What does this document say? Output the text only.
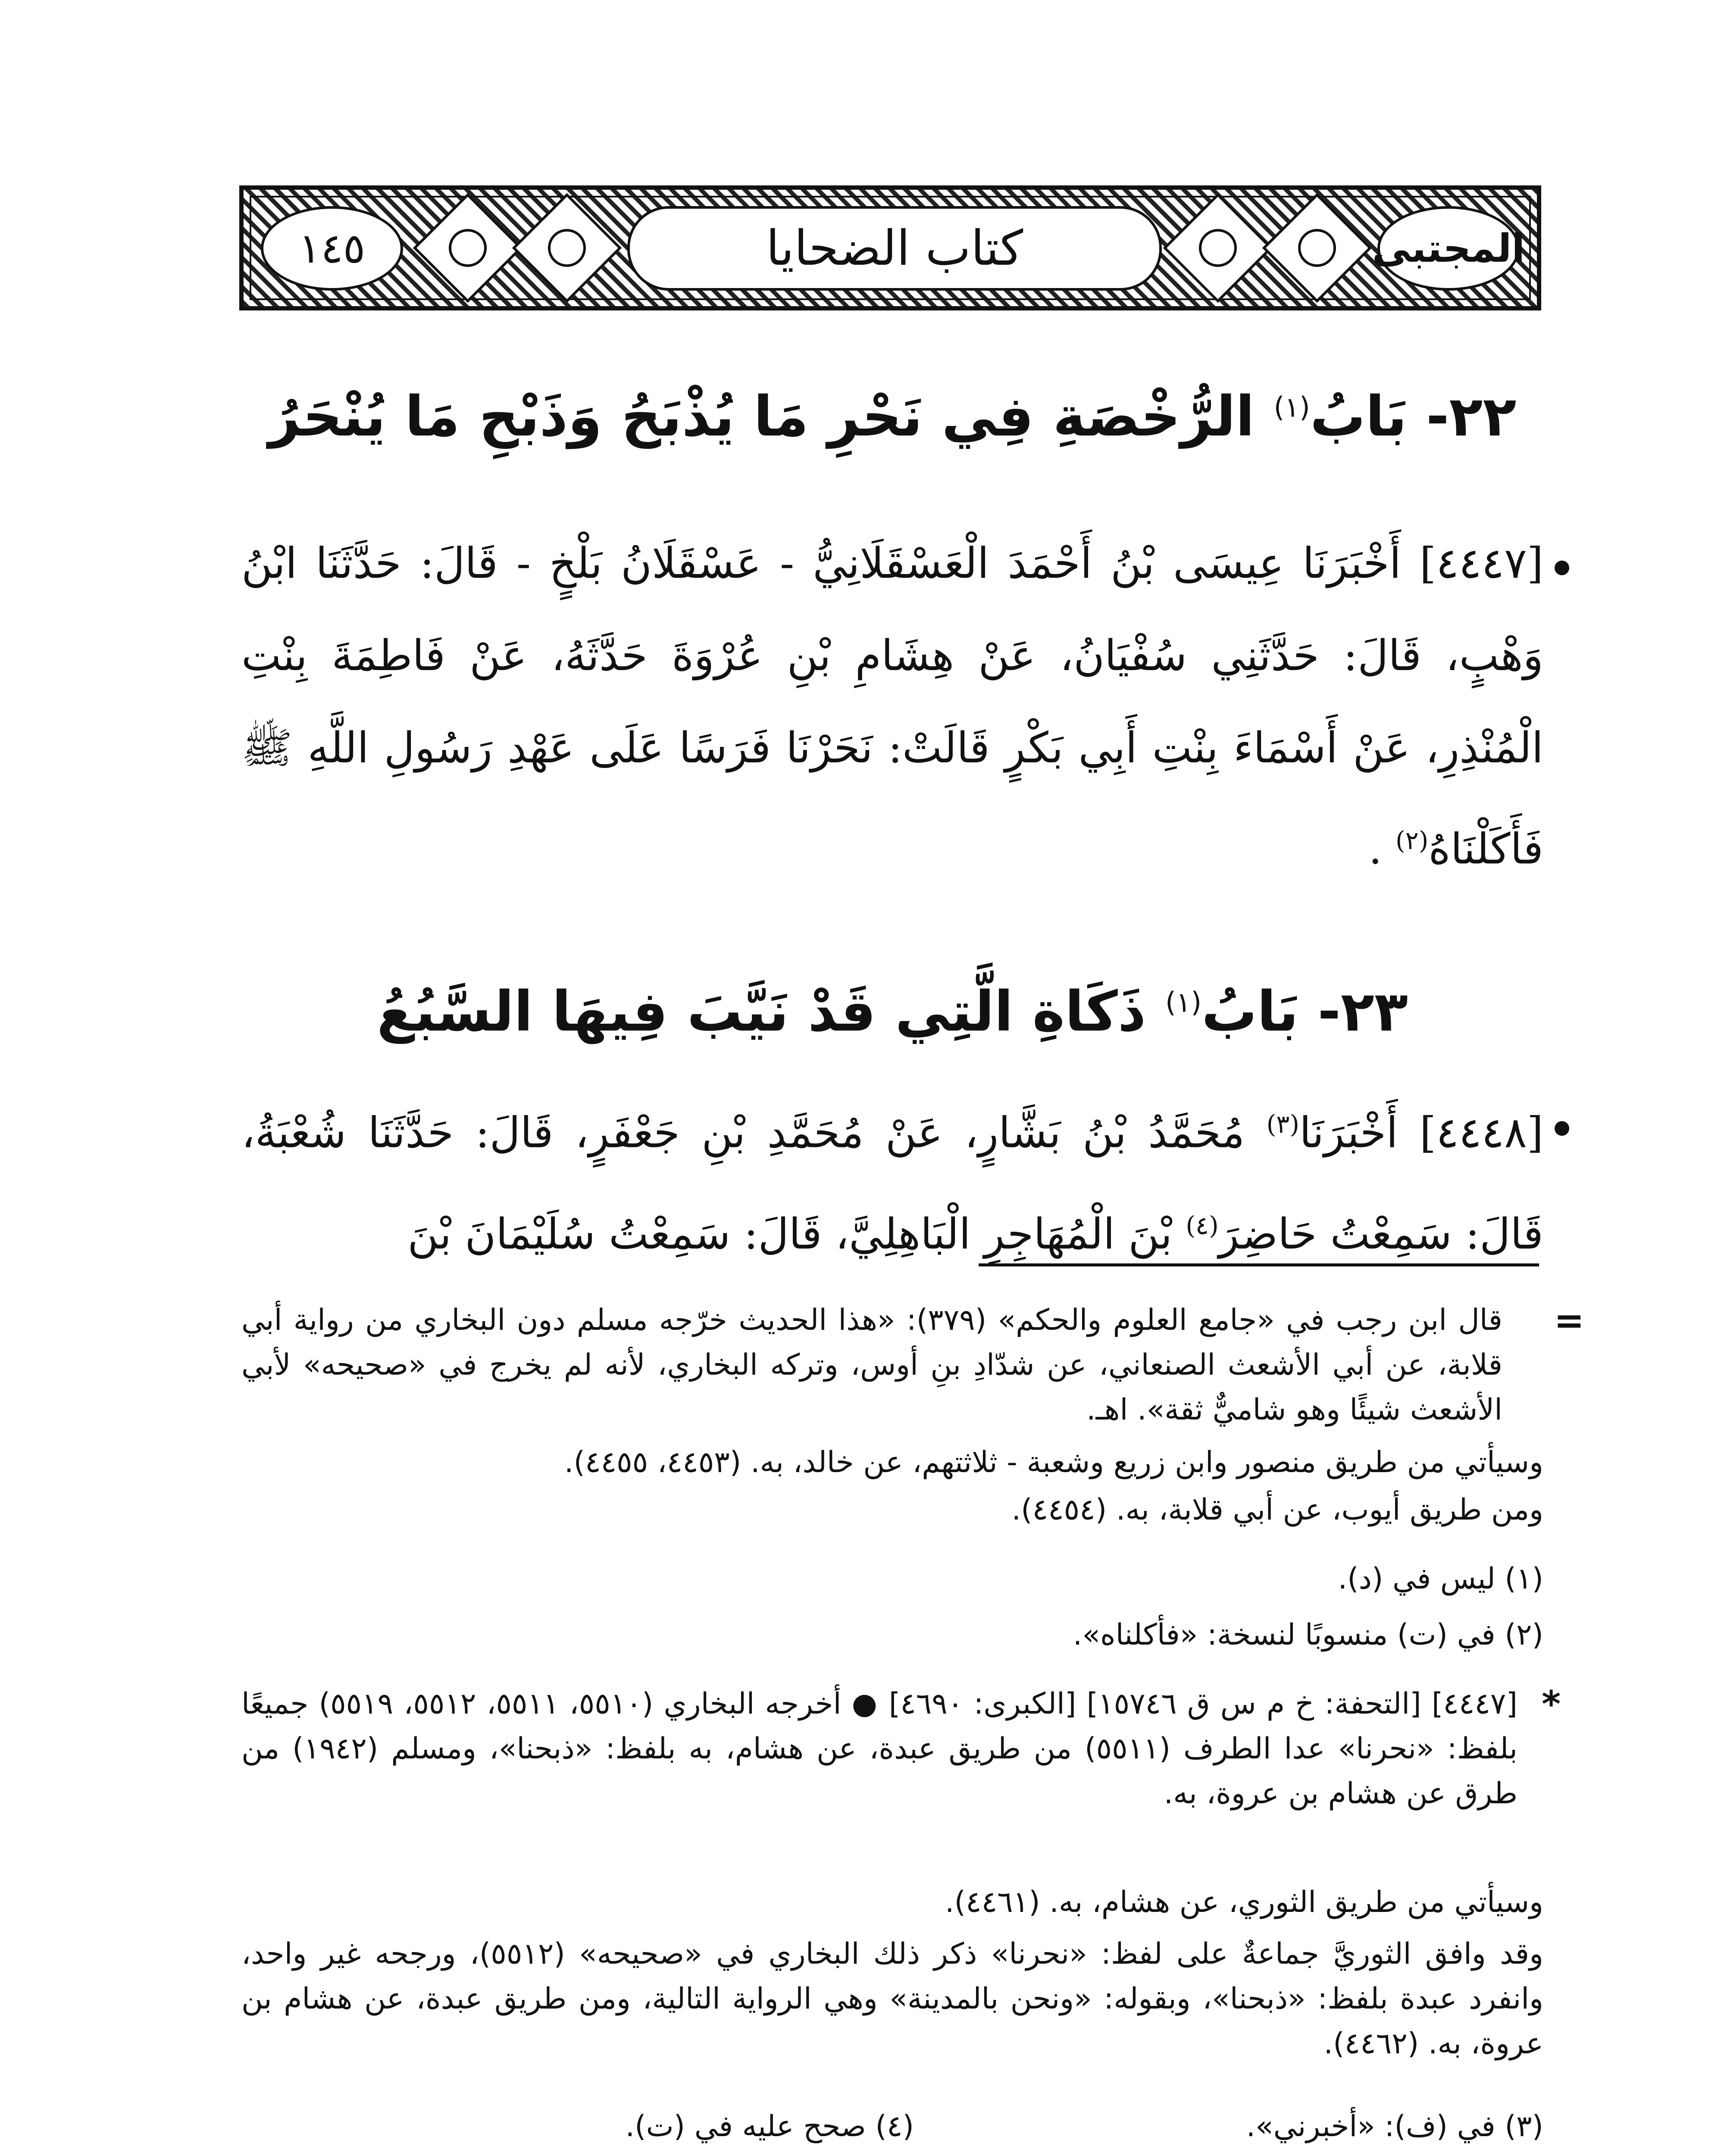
المجتبى
كتاب الضحايا
١٤٥
٢٢- بَابُ$^{(١)}$ الرُّخْصَةِ فِي نَحْرِ مَا يُذْبَحُ وَذَبْحِ مَا يُنْحَرُ
[٤٤٤٧] أَخْبَرَنَا عِيسَى بْنُ أَحْمَدَ الْعَسْقَلَانِيُّ - عَسْقَلَانُ بَلْخٍ - قَالَ: حَدَّثَنَا ابْنُ وَهْبٍ، قَالَ: حَدَّثَنِي سُفْيَانُ، عَنْ هِشَامِ بْنِ عُرْوَةَ حَدَّثَهُ، عَنْ فَاطِمَةَ بِنْتِ الْمُنْذِرِ، عَنْ أَسْمَاءَ بِنْتِ أَبِي بَكْرٍ قَالَتْ: نَحَرْنَا فَرَسًا عَلَى عَهْدِ رَسُولِ اللَّهِ ﷺ فَأَكَلْنَاهُ$^{(٢)}$ .
٢٣- بَابُ$^{(١)}$ ذَكَاةِ الَّتِي قَدْ نَيَّبَ فِيهَا السَّبُعُ
[٤٤٤٨] أَخْبَرَنَا$^{(٣)}$ مُحَمَّدُ بْنُ بَشَّارٍ، عَنْ مُحَمَّدِ بْنِ جَعْفَرٍ، قَالَ: حَدَّثَنَا شُعْبَةُ، قَالَ: سَمِعْتُ حَاضِرَ$^{(٤)}$ بْنَ الْمُهَاجِرِ الْبَاهِلِيَّ، قَالَ: سَمِعْتُ سُلَيْمَانَ بْنَ
=
قال ابن رجب في «جامع العلوم والحكم» (٣٧٩): «هذا الحديث خرّجه مسلم دون البخاري من رواية أبي قلابة، عن أبي الأشعث الصنعاني، عن شدّادِ بنِ أوس، وتركه البخاري، لأنه لم يخرج في «صحيحه» لأبي الأشعث شيئًا وهو شاميٌّ ثقة». اهـ.
وسيأتي من طريق منصور وابن زريع وشعبة - ثلاثتهم، عن خالد، به. (٤٤٥٣، ٤٤٥٥).
ومن طريق أيوب، عن أبي قلابة، به. (٤٤٥٤).
(١) ليس في (د).
(٢) في (ت) منسوبًا لنسخة: «فأكلناه».
*
[٤٤٤٧] [التحفة: خ م س ق ١٥٧٤٦] [الكبرى: ٤٦٩٠] ● أخرجه البخاري (٥٥١٠، ٥٥١١، ٥٥١٢، ٥٥١٩) جميعًا بلفظ: «نحرنا» عدا الطرف (٥٥١١) من طريق عبدة، عن هشام، به بلفظ: «ذبحنا»، ومسلم (١٩٤٢) من طرق عن هشام بن عروة، به.
وسيأتي من طريق الثوري، عن هشام، به. (٤٤٦١).
وقد وافق الثوريَّ جماعةٌ على لفظ: «نحرنا» ذكر ذلك البخاري في «صحيحه» (٥٥١٢)، ورجحه غير واحد، وانفرد عبدة بلفظ: «ذبحنا»، وبقوله: «ونحن بالمدينة» وهي الرواية التالية، ومن طريق عبدة، عن هشام بن عروة، به. (٤٤٦٢).
(٣) في (ف): «أخبرني».
(٤) صحح عليه في (ت).
